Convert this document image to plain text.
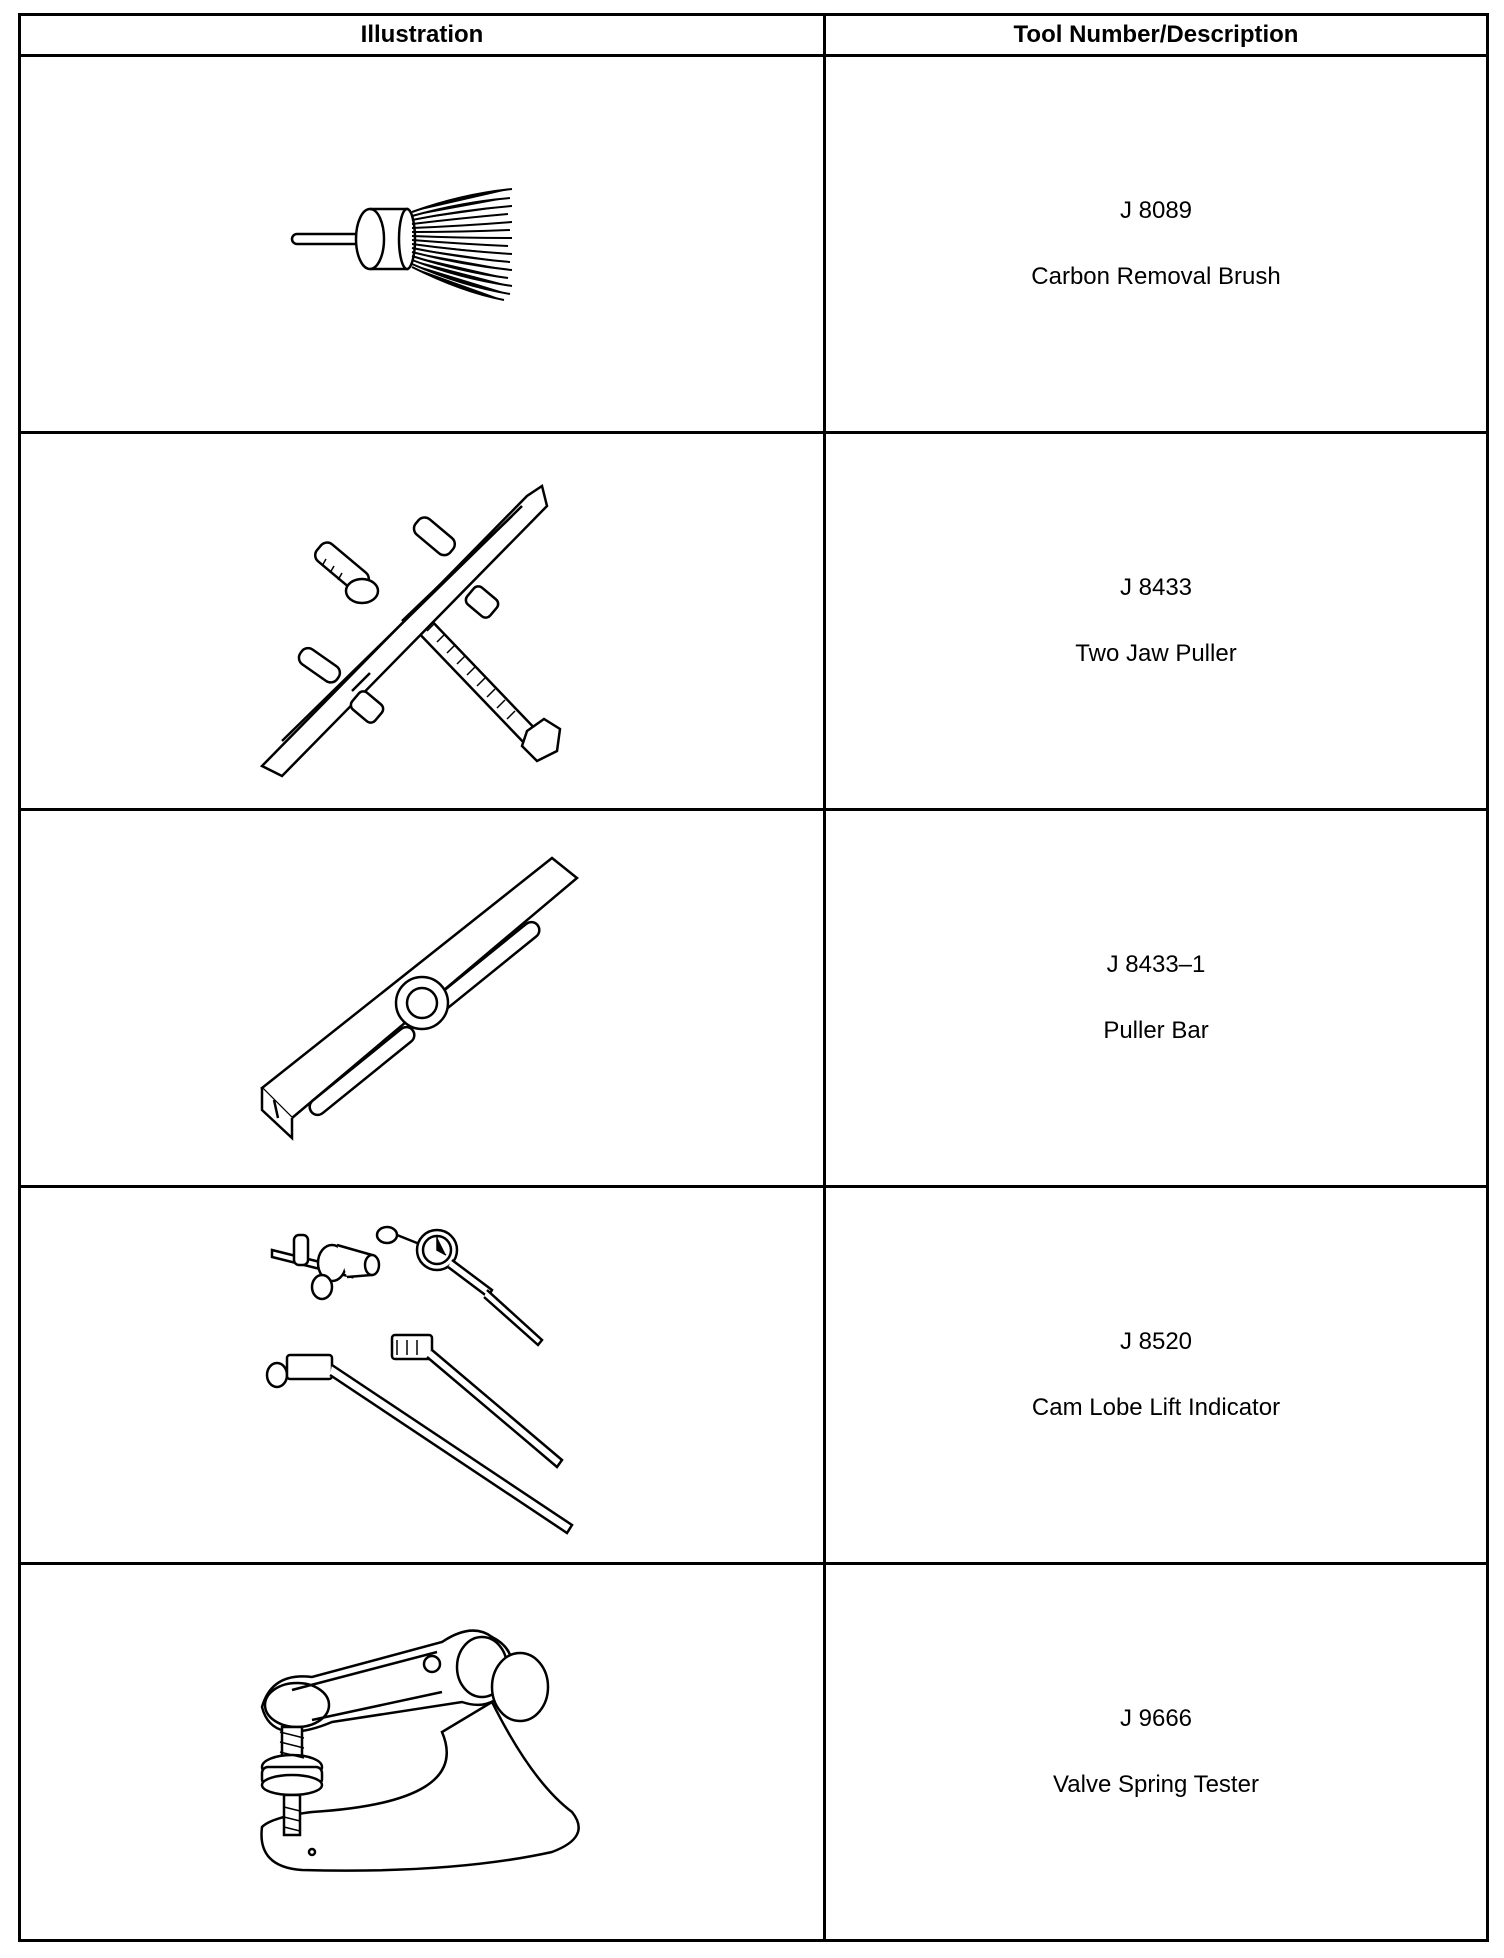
Illustration	Tool Number/Description

J 8089
Carbon Removal Brush

J 8433
Two Jaw Puller

J 8433–1
Puller Bar

J 8520
Cam Lobe Lift Indicator

J 9666
Valve Spring Tester
